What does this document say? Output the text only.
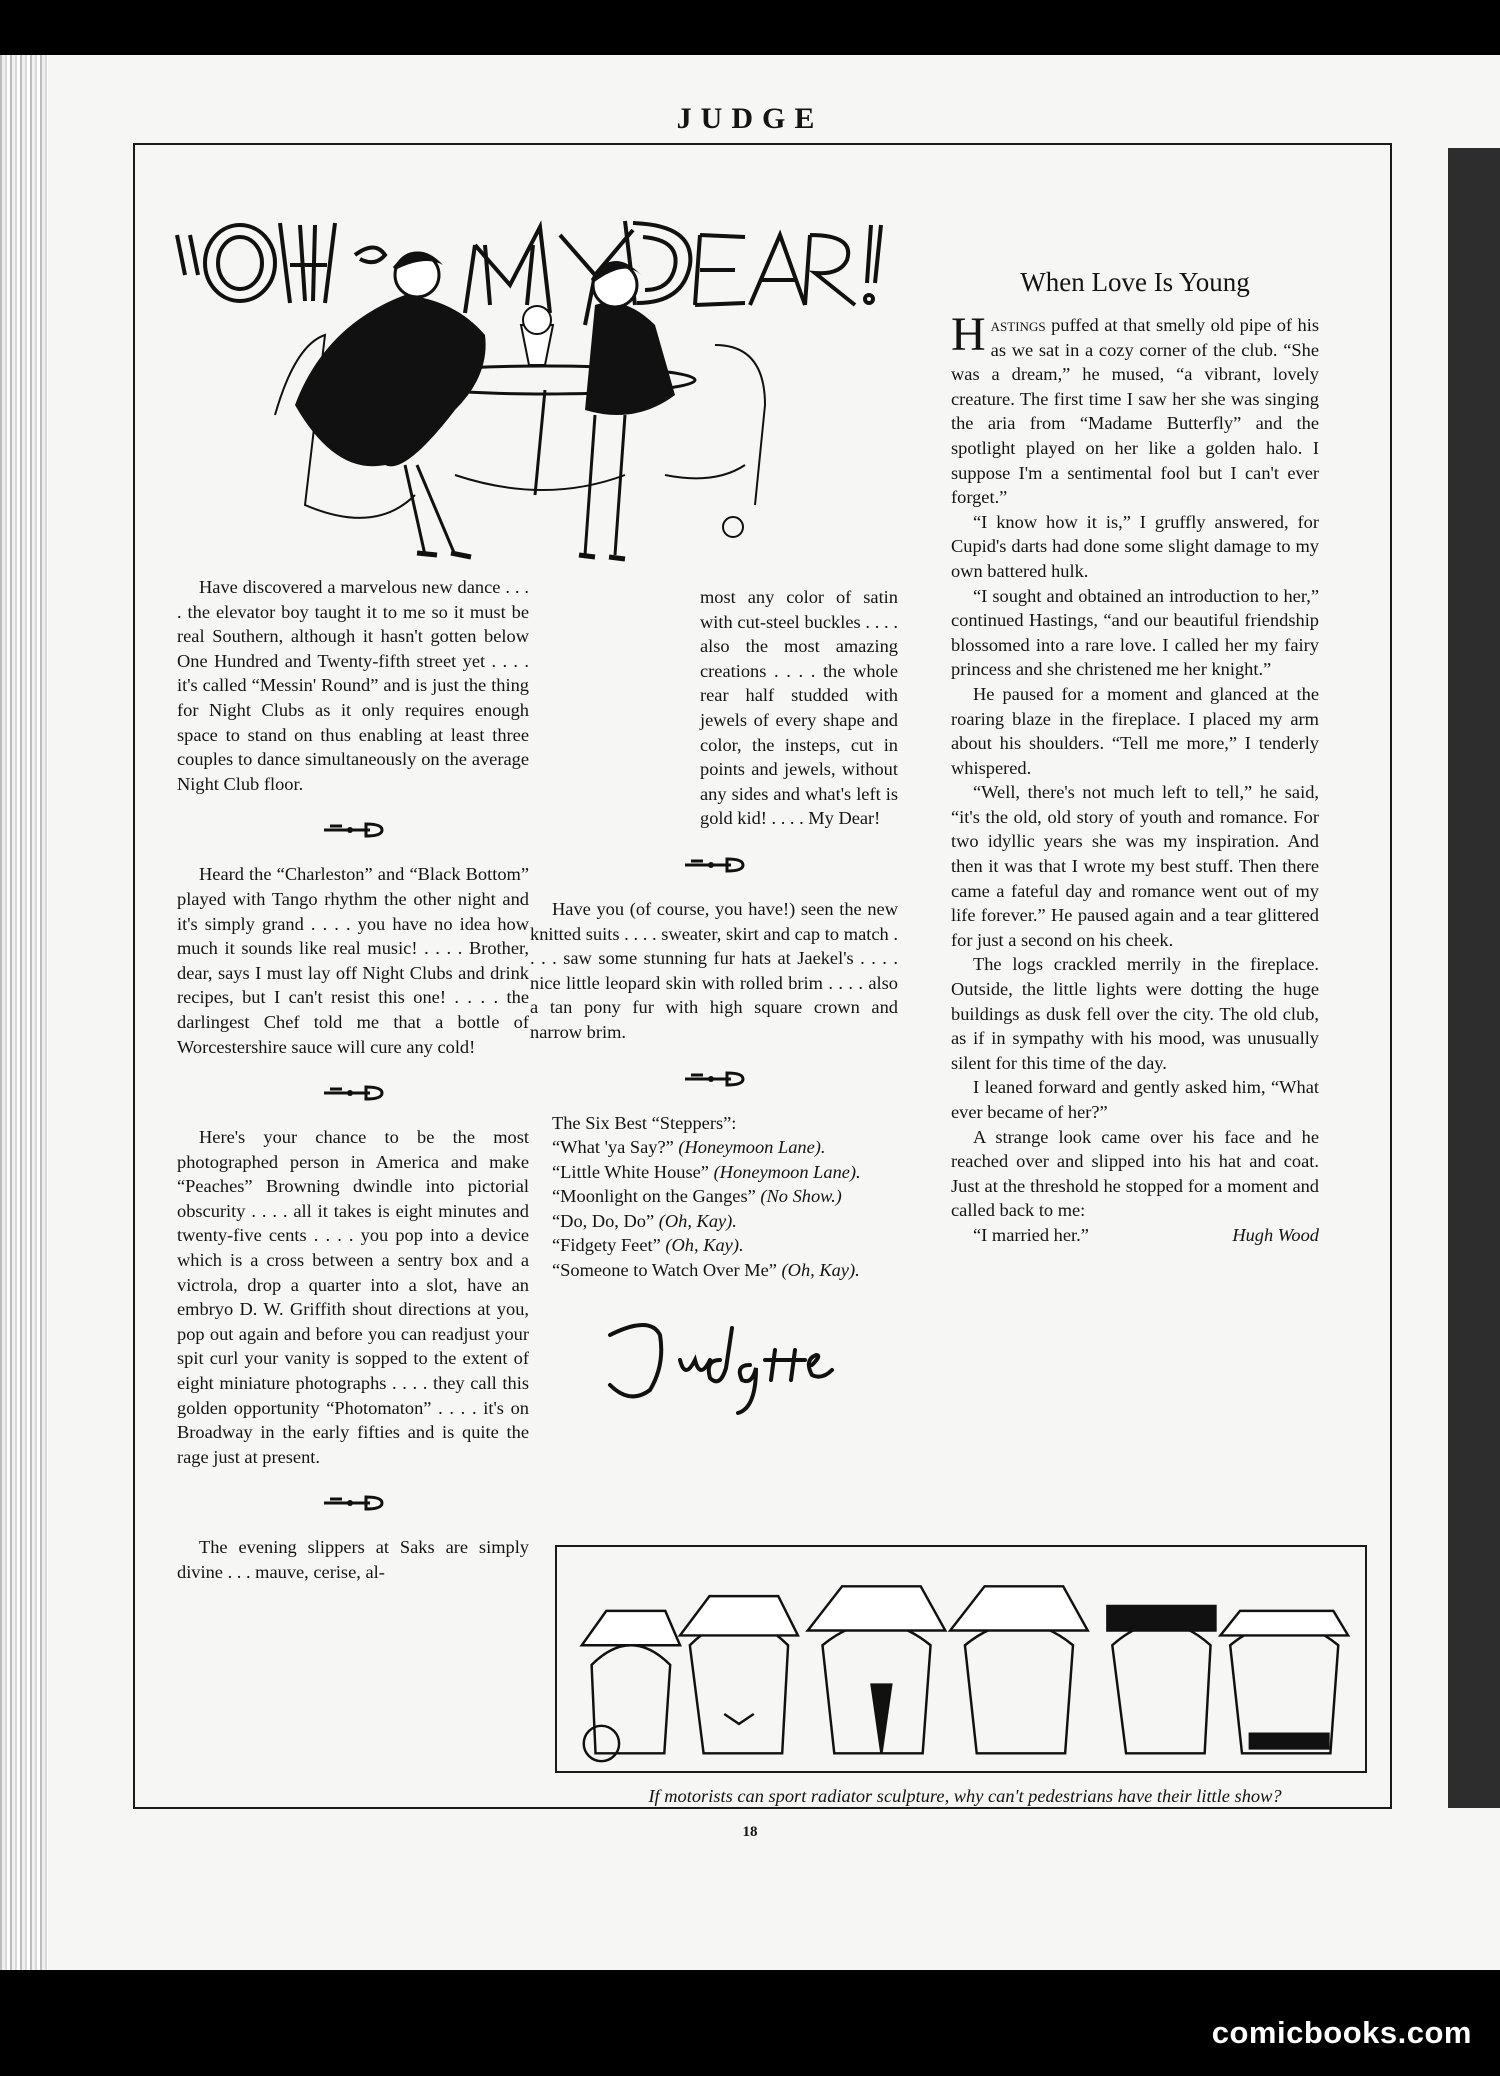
JUDGE

Have discovered a marvelous new dance . . . . the elevator boy taught it to me so it must be real Southern, although it hasn't gotten below One Hundred and Twenty-fifth street yet . . . . it's called “Messin' Round” and is just the thing for Night Clubs as it only requires enough space to stand on thus enabling at least three couples to dance simultaneously on the average Night Club floor.

Heard the “Charleston” and “Black Bottom” played with Tango rhythm the other night and it's simply grand . . . . you have no idea how much it sounds like real music! . . . . Brother, dear, says I must lay off Night Clubs and drink recipes, but I can't resist this one! . . . . the darlingest Chef told me that a bottle of Worcestershire sauce will cure any cold!

Here's your chance to be the most photographed person in America and make “Peaches” Browning dwindle into pictorial obscurity . . . . all it takes is eight minutes and twenty-five cents . . . . you pop into a device which is a cross between a sentry box and a victrola, drop a quarter into a slot, have an embryo D. W. Griffith shout directions at you, pop out again and before you can readjust your spit curl your vanity is sopped to the extent of eight miniature photographs . . . . they call this golden opportunity “Photomaton” . . . . it's on Broadway in the early fifties and is quite the rage just at present.

The evening slippers at Saks are simply divine . . . mauve, cerise, al-

most any color of satin with cut-steel buckles . . . . also the most amazing creations . . . . the whole rear half studded with jewels of every shape and color, the insteps, cut in points and jewels, without any sides and what's left is gold kid! . . . . My Dear!

Have you (of course, you have!) seen the new knitted suits . . . . sweater, skirt and cap to match . . . . saw some stunning fur hats at Jaekel's . . . . nice little leopard skin with rolled brim . . . . also a tan pony fur with high square crown and narrow brim.

The Six Best “Steppers”:

“What 'ya Say?” (Honeymoon Lane).

“Little White House” (Honeymoon Lane).

“Moonlight on the Ganges” (No Show.)

“Do, Do, Do” (Oh, Kay).

“Fidgety Feet” (Oh, Kay).

“Someone to Watch Over Me” (Oh, Kay).

When Love Is Young

Hastings puffed at that smelly old pipe of his as we sat in a cozy corner of the club. “She was a dream,” he mused, “a vibrant, lovely creature. The first time I saw her she was singing the aria from “Madame Butterfly” and the spotlight played on her like a golden halo. I suppose I'm a sentimental fool but I can't ever forget.”

“I know how it is,” I gruffly answered, for Cupid's darts had done some slight damage to my own battered hulk.

“I sought and obtained an introduction to her,” continued Hastings, “and our beautiful friendship blossomed into a rare love. I called her my fairy princess and she christened me her knight.”

He paused for a moment and glanced at the roaring blaze in the fireplace. I placed my arm about his shoulders. “Tell me more,” I tenderly whispered.

“Well, there's not much left to tell,” he said, “it's the old, old story of youth and romance. For two idyllic years she was my inspiration. And then it was that I wrote my best stuff. Then there came a fateful day and romance went out of my life forever.” He paused again and a tear glittered for just a second on his cheek.

The logs crackled merrily in the fireplace. Outside, the little lights were dotting the huge buildings as dusk fell over the city. The old club, as if in sympathy with his mood, was unusually silent for this time of the day.

I leaned forward and gently asked him, “What ever became of her?”

A strange look came over his face and he reached over and slipped into his hat and coat. Just at the threshold he stopped for a moment and called back to me:

“I married her.”	Hugh Wood

If motorists can sport radiator sculpture, why can't pedestrians have their little show?
18
comicbooks.com
